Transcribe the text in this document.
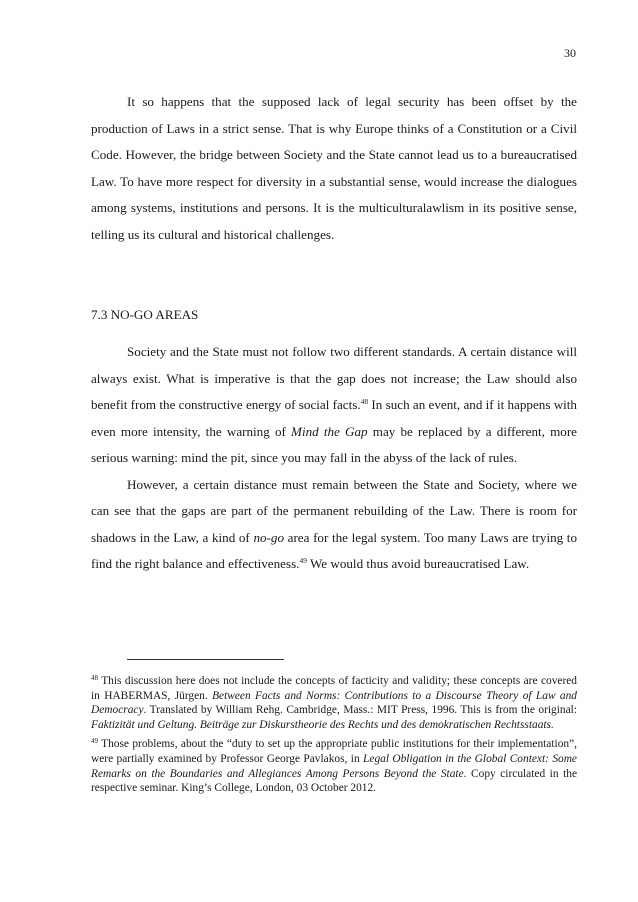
30

It so happens that the supposed lack of legal security has been offset by the production of Laws in a strict sense. That is why Europe thinks of a Constitution or a Civil Code. However, the bridge between Society and the State cannot lead us to a bureaucratised Law. To have more respect for diversity in a substantial sense, would increase the dialogues among systems, institutions and persons. It is the multiculturalawlism in its positive sense, telling us its cultural and historical challenges.

7.3 NO-GO AREAS

Society and the State must not follow two different standards. A certain distance will always exist. What is imperative is that the gap does not increase; the Law should also benefit from the constructive energy of social facts.$^{48}$ In such an event, and if it happens with even more intensity, the warning of Mind the Gap may be replaced by a different, more serious warning: mind the pit, since you may fall in the abyss of the lack of rules.

However, a certain distance must remain between the State and Society, where we can see that the gaps are part of the permanent rebuilding of the Law. There is room for shadows in the Law, a kind of no-go area for the legal system. Too many Laws are trying to find the right balance and effectiveness.$^{49}$ We would thus avoid bureaucratised Law.

$^{48}$ This discussion here does not include the concepts of facticity and validity; these concepts are covered in HABERMAS, Jürgen. Between Facts and Norms: Contributions to a Discourse Theory of Law and Democracy. Translated by William Rehg. Cambridge, Mass.: MIT Press, 1996. This is from the original: Faktizität und Geltung. Beiträge zur Diskurstheorie des Rechts und des demokratischen Rechtsstaats.

$^{49}$ Those problems, about the “duty to set up the appropriate public institutions for their implementation”, were partially examined by Professor George Pavlakos, in Legal Obligation in the Global Context: Some Remarks on the Boundaries and Allegiances Among Persons Beyond the State. Copy circulated in the respective seminar. King’s College, London, 03 October 2012.
